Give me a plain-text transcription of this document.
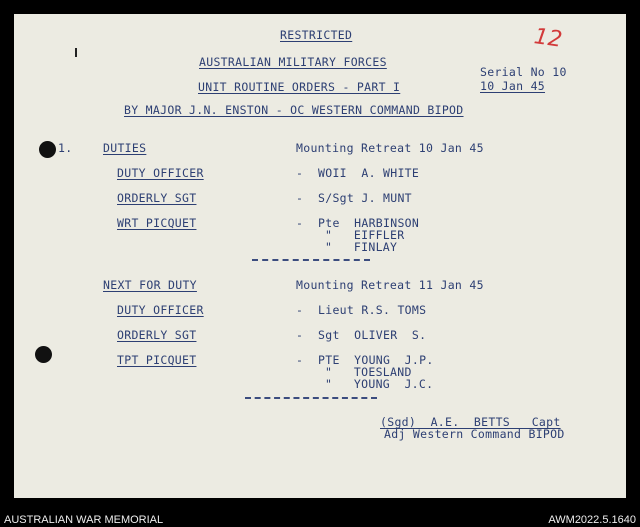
12
RESTRICTED
AUSTRALIAN MILITARY FORCES
UNIT ROUTINE ORDERS - PART I
BY MAJOR J.N. ENSTON - OC WESTERN COMMAND BIPOD
Serial No 10
10 Jan 45
1.	DUTIES	Mounting Retreat 10 Jan 45
DUTY OFFICER	- WOII  A. WHITE
ORDERLY SGT	- S/Sgt J. MUNT
WRT PICQUET	- Pte  HARBINSON
"   EIFFLER
"   FINLAY
NEXT FOR DUTY	Mounting Retreat 11 Jan 45
DUTY OFFICER	- Lieut R.S. TOMS
ORDERLY SGT	- Sgt  OLIVER  S.
TPT PICQUET	- PTE  YOUNG  J.P.
"   TOESLAND
"   YOUNG  J.C.
(Sgd)  A.E.  BETTS   Capt
Adj Western Command BIPOD
AUSTRALIAN WAR MEMORIAL	AWM2022.5.1640
